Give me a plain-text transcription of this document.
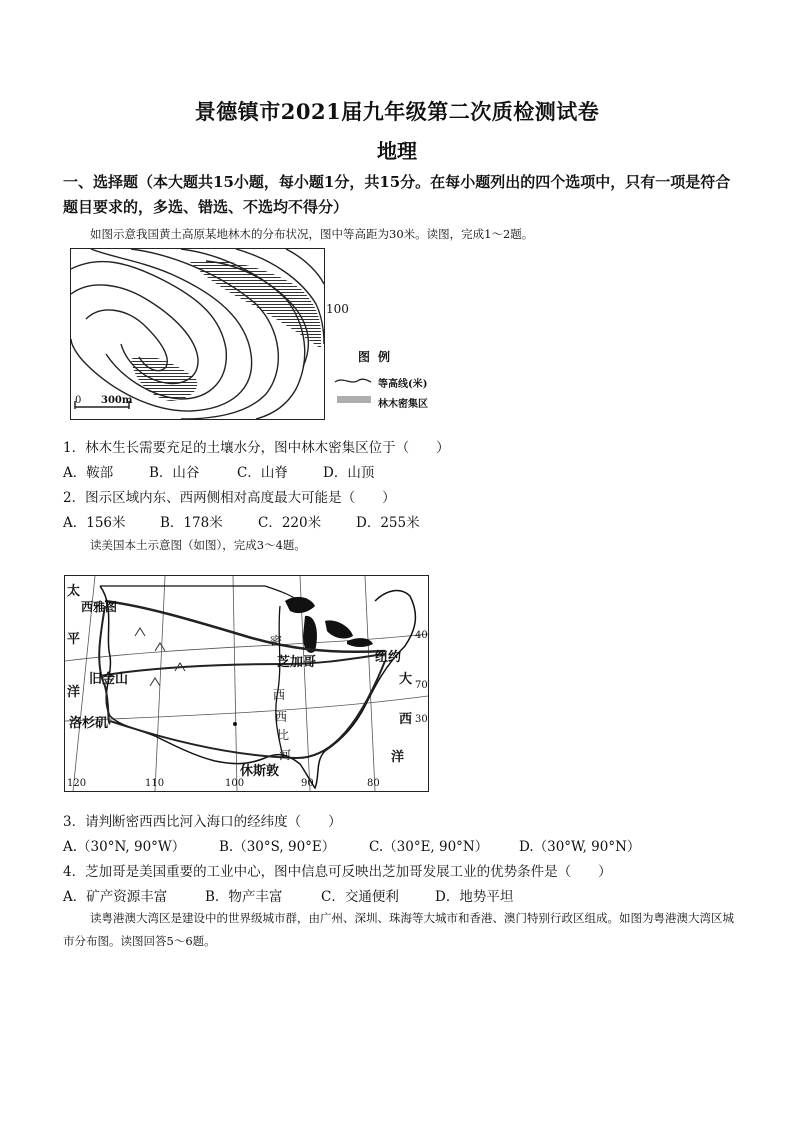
景德镇市2021届九年级第二次质检测试卷
地理
一、选择题（本大题共15小题，每小题1分，共15分。在每小题列出的四个选项中，只有一项是符合题目要求的，多选、错选、不选均不得分）
如图示意我国黄土高原某地林木的分布状况，图中等高距为30米。读图，完成1～2题。
0 300m
100
图例
等高线(米)
林木密集区
1．林木生长需要充足的土壤水分，图中林木密集区位于（　　）
A．鞍部	B．山谷	C．山脊	D．山顶
2．图示区域内东、西两侧相对高度最大可能是（　　）
A．156米	B．178米	C．220米	D．255米
读美国本土示意图（如图），完成3～4题。
太
平
洋
西雅图
旧金山
洛杉矶
芝加哥	纽约
休斯敦
密
西
西
比
河
大
西
洋
40
70
30
120	110	100	90	80
3．请判断密西西比河入海口的经纬度（　　）
A.（30°N, 90°W） B.（30°S, 90°E） C.（30°E, 90°N） D.（30°W, 90°N）
4．芝加哥是美国重要的工业中心，图中信息可反映出芝加哥发展工业的优势条件是（　　）
A．矿产资源丰富	B．物产丰富	C．交通便利	D．地势平坦
读粤港澳大湾区是建设中的世界级城市群，由广州、深圳、珠海等大城市和香港、澳门特别行政区组成。如图为粤港澳大湾区城市分布图。读图回答5～6题。
